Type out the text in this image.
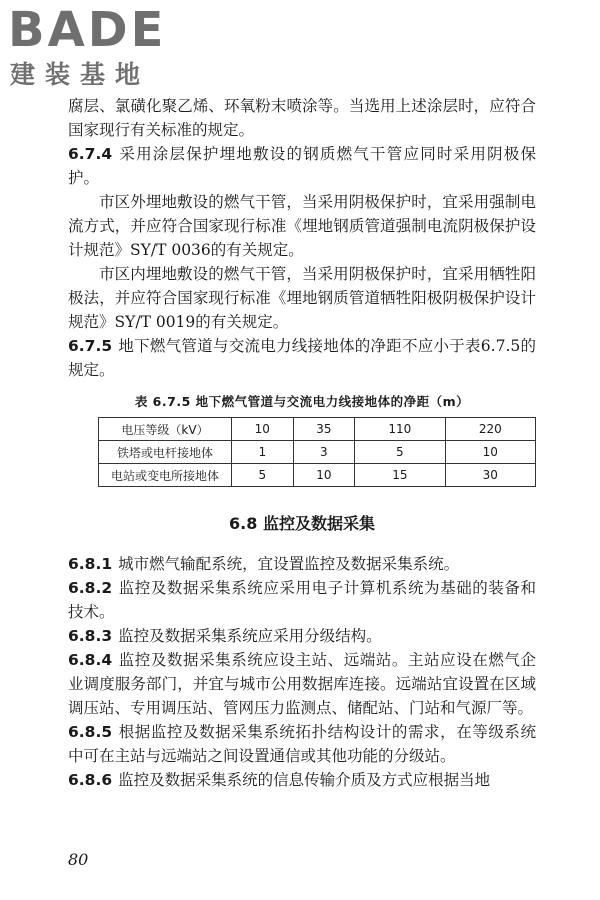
BADE
建装基地

腐层、氯磺化聚乙烯、环氧粉末喷涂等。当选用上述涂层时，应符合国家现行有关标准的规定。

6.7.4 采用涂层保护埋地敷设的钢质燃气干管应同时采用阴极保护。

市区外埋地敷设的燃气干管，当采用阴极保护时，宜采用强制电流方式，并应符合国家现行标准《埋地钢质管道强制电流阴极保护设计规范》SY/T 0036的有关规定。

市区内埋地敷设的燃气干管，当采用阴极保护时，宜采用牺牲阳极法，并应符合国家现行标准《埋地钢质管道牺牲阳极阴极保护设计规范》SY/T 0019的有关规定。

6.7.5 地下燃气管道与交流电力线接地体的净距不应小于表6.7.5的规定。

表 6.7.5 地下燃气管道与交流电力线接地体的净距（m）
电压等级（kV）	10	35	110	220
铁塔或电杆接地体	1	3	5	10
电站或变电所接地体	5	10	15	30
6.8 监控及数据采集

6.8.1 城市燃气输配系统，宜设置监控及数据采集系统。

6.8.2 监控及数据采集系统应采用电子计算机系统为基础的装备和技术。

6.8.3 监控及数据采集系统应采用分级结构。

6.8.4 监控及数据采集系统应设主站、远端站。主站应设在燃气企业调度服务部门，并宜与城市公用数据库连接。远端站宜设置在区域调压站、专用调压站、管网压力监测点、储配站、门站和气源厂等。

6.8.5 根据监控及数据采集系统拓扑结构设计的需求，在等级系统中可在主站与远端站之间设置通信或其他功能的分级站。

6.8.6 监控及数据采集系统的信息传输介质及方式应根据当地

80
